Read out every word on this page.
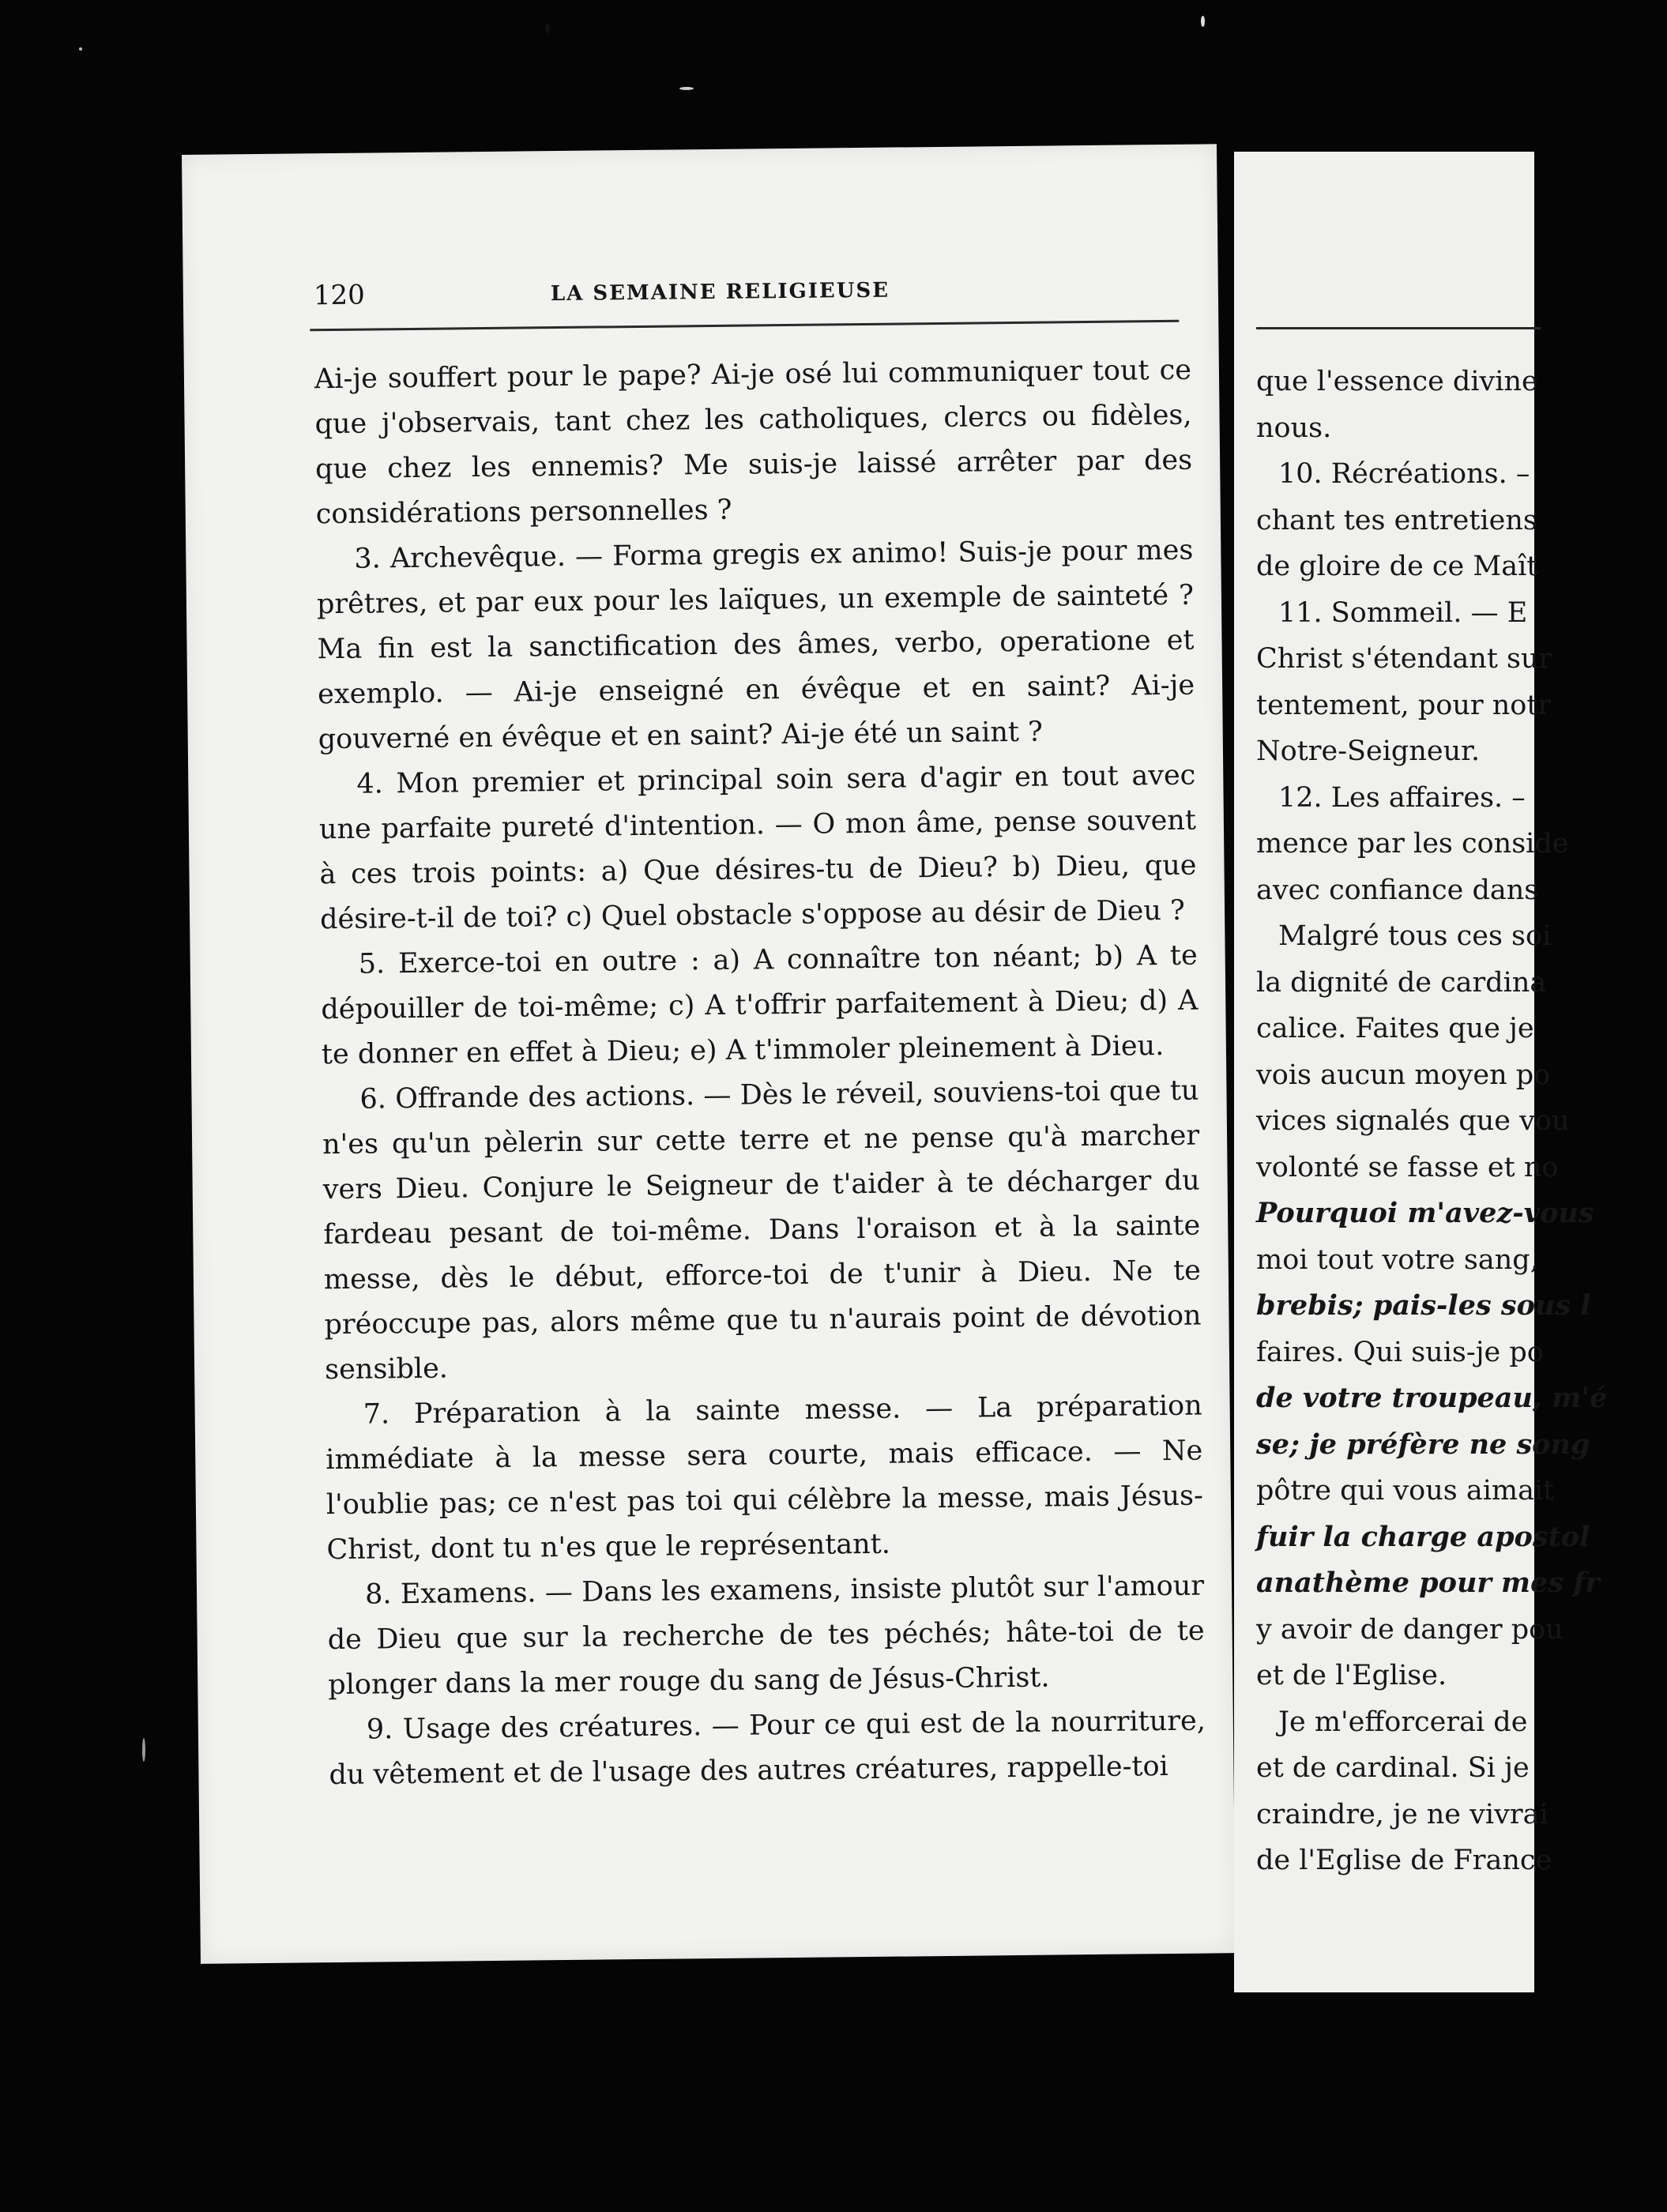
120	LA SEMAINE RELIGIEUSE

Ai-je souffert pour le pape? Ai-je osé lui communiquer tout ce que j'observais, tant chez les catholiques, clercs ou fidèles, que chez les ennemis? Me suis-je laissé arrêter par des considérations personnelles ?

3. Archevêque. — Forma gregis ex animo! Suis-je pour mes prêtres, et par eux pour les laïques, un exemple de sainteté ? Ma fin est la sanctification des âmes, verbo, operatione et exemplo. — Ai-je enseigné en évêque et en saint? Ai-je gouverné en évêque et en saint? Ai-je été un saint ?

4. Mon premier et principal soin sera d'agir en tout avec une parfaite pureté d'intention. — O mon âme, pense souvent à ces trois points: a) Que désires-tu de Dieu? b) Dieu, que désire-t-il de toi? c) Quel obstacle s'oppose au désir de Dieu ?

5. Exerce-toi en outre : a) A connaître ton néant; b) A te dépouiller de toi-même; c) A t'offrir parfaitement à Dieu; d) A te donner en effet à Dieu; e) A t'immoler pleinement à Dieu.

6. Offrande des actions. — Dès le réveil, souviens-toi que tu n'es qu'un pèlerin sur cette terre et ne pense qu'à marcher vers Dieu. Conjure le Seigneur de t'aider à te décharger du fardeau pesant de toi-même. Dans l'oraison et à la sainte messe, dès le début, efforce-toi de t'unir à Dieu. Ne te préoccupe pas, alors même que tu n'aurais point de dévotion sensible.

7. Préparation à la sainte messe. — La préparation immédiate à la messe sera courte, mais efficace. — Ne l'oublie pas; ce n'est pas toi qui célèbre la messe, mais Jésus-Christ, dont tu n'es que le représentant.

8. Examens. — Dans les examens, insiste plutôt sur l'amour de Dieu que sur la recherche de tes péchés; hâte-toi de te plonger dans la mer rouge du sang de Jésus-Christ.

9. Usage des créatures. — Pour ce qui est de la nourriture, du vêtement et de l'usage des autres créatures, rappelle-toi

que l'essence divine
nous.
10. Récréations. –
chant tes entretiens
de gloire de ce Maît
11. Sommeil. — E
Christ s'étendant sur
tentement, pour notr
Notre-Seigneur.
12. Les affaires. –
mence par les conside
avec confiance dans
Malgré tous ces soi
la dignité de cardina
calice. Faites que je
vois aucun moyen po
vices signalés que vou
volonté se fasse et no
Pourquoi m'avez-vous
moi tout votre sang,
brebis; pais-les sous l
faires. Qui suis-je po
de votre troupeau, m'é
se; je préfère ne song
pôtre qui vous aimait
fuir la charge apostol
anathème pour mes fr
y avoir de danger pou
et de l'Eglise.
Je m'efforcerai de
et de cardinal. Si je
craindre, je ne vivrai
de l'Eglise de France
